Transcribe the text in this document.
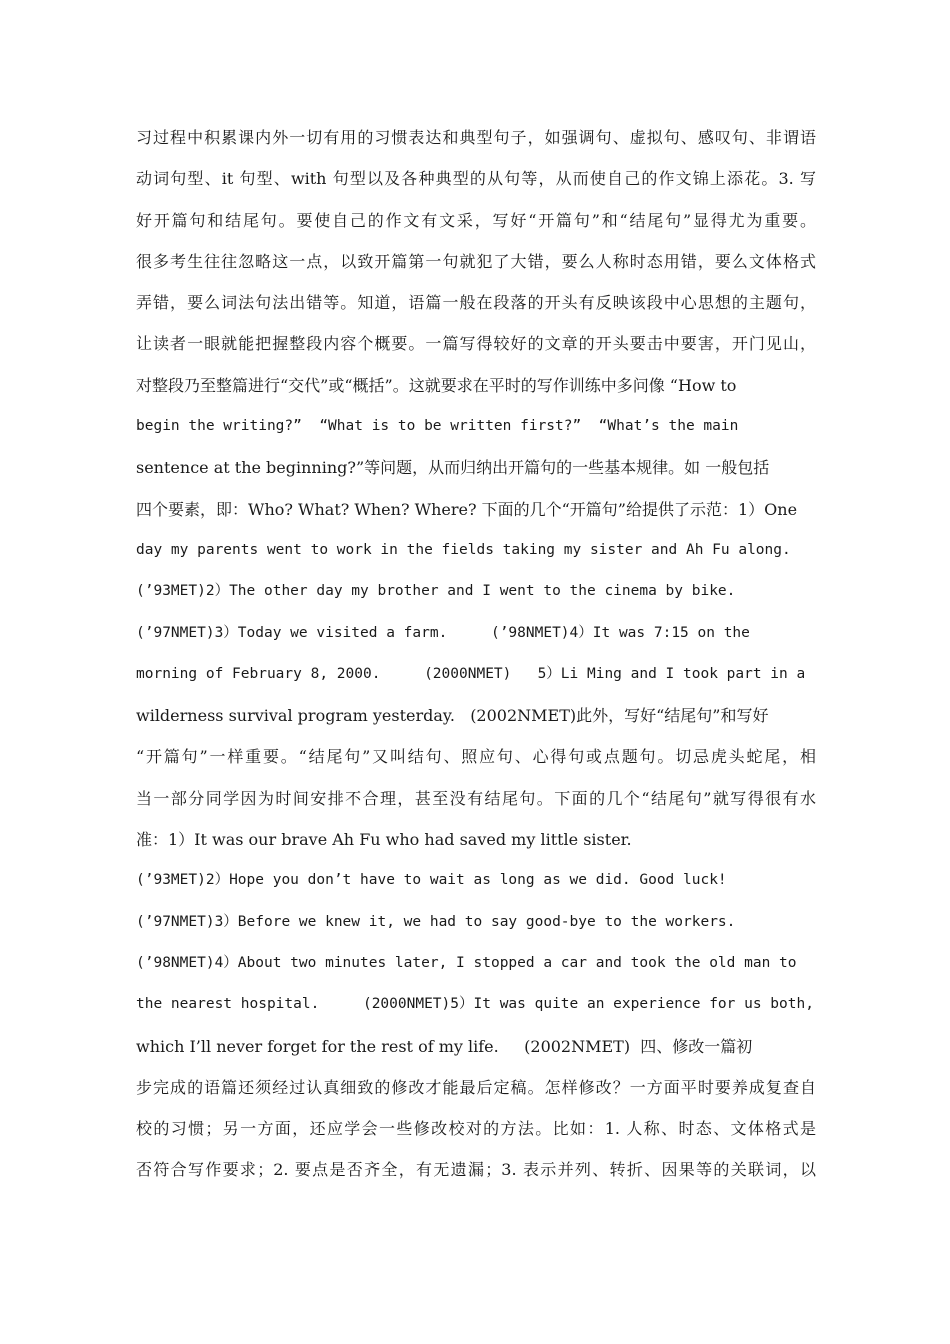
习过程中积累课内外一切有用的习惯表达和典型句子，如强调句、虚拟句、感叹句、非谓语
动词句型、it 句型、with 句型以及各种典型的从句等，从而使自己的作文锦上添花。3. 写
好开篇句和结尾句。要使自己的作文有文采，写好“开篇句”和“结尾句”显得尤为重要。
很多考生往往忽略这一点，以致开篇第一句就犯了大错，要么人称时态用错，要么文体格式
弄错，要么词法句法出错等。知道，语篇一般在段落的开头有反映该段中心思想的主题句，
让读者一眼就能把握整段内容个概要。一篇写得较好的文章的开头要击中要害，开门见山，
对整段乃至整篇进行“交代”或“概括”。这就要求在平时的写作训练中多问像 “How to
begin the writing?”  “What is to be written first?”  “What’s the main
sentence at the beginning?”等问题，从而归纳出开篇句的一些基本规律。如 一般包括
四个要素，即：Who? What? When? Where? 下面的几个“开篇句”给提供了示范：1）One
day my parents went to work in the fields taking my sister and Ah Fu along.
(’93MET)2）The other day my brother and I went to the cinema by bike.
(’97NMET)3）Today we visited a farm.     (’98NMET)4）It was 7:15 on the
morning of February 8, 2000.     (2000NMET)   5）Li Ming and I took part in a
wilderness survival program yesterday.   (2002NMET)此外，写好“结尾句”和写好
“开篇句”一样重要。“结尾句”又叫结句、照应句、心得句或点题句。切忌虎头蛇尾，相
当一部分同学因为时间安排不合理，甚至没有结尾句。下面的几个“结尾句”就写得很有水
准：1）It was our brave Ah Fu who had saved my little sister.
(’93MET)2）Hope you don’t have to wait as long as we did. Good luck!
(’97NMET)3）Before we knew it, we had to say good-bye to the workers.
(’98NMET)4）About two minutes later, I stopped a car and took the old man to
the nearest hospital.     (2000NMET)5）It was quite an experience for us both,
which I’ll never forget for the rest of my life.     (2002NMET)  四、修改一篇初
步完成的语篇还须经过认真细致的修改才能最后定稿。怎样修改？一方面平时要养成复查自
校的习惯；另一方面，还应学会一些修改校对的方法。比如：1. 人称、时态、文体格式是
否符合写作要求；2. 要点是否齐全，有无遗漏；3. 表示并列、转折、因果等的关联词，以
